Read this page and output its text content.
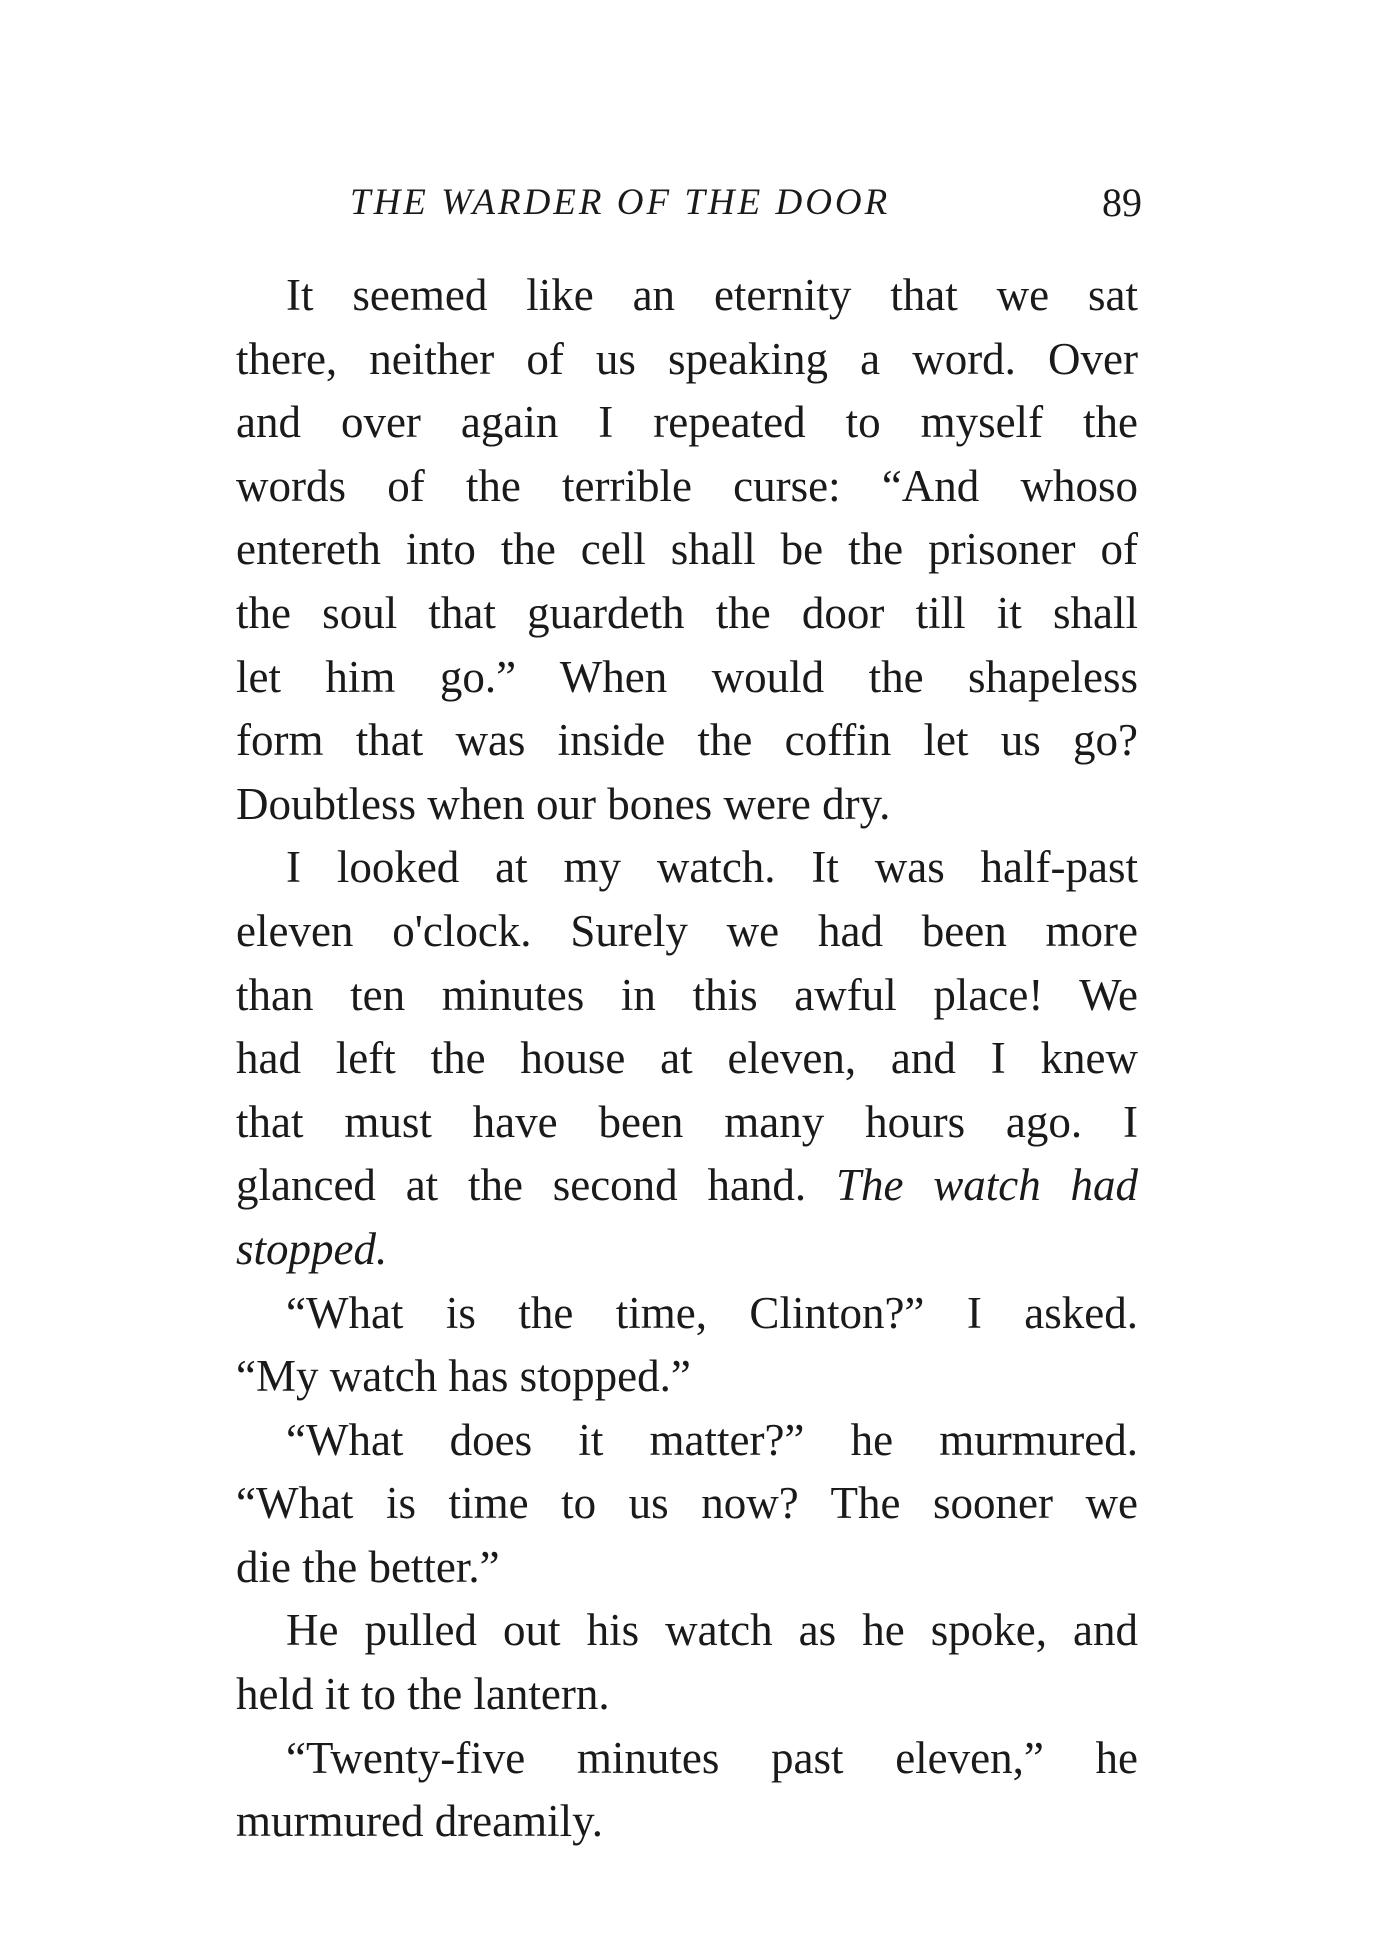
THE WARDER OF THE DOOR	89
It seemed like an eternity that we sat
there, neither of us speaking a word. Over
and over again I repeated to myself the
words of the terrible curse: “And whoso
entereth into the cell shall be the prisoner of
the soul that guardeth the door till it shall
let him go.” When would the shapeless
form that was inside the coffin let us go?
Doubtless when our bones were dry.
I looked at my watch. It was half-past
eleven o'clock. Surely we had been more
than ten minutes in this awful place! We
had left the house at eleven, and I knew
that must have been many hours ago. I
glanced at the second hand. The watch had
stopped.
“What is the time, Clinton?” I asked.
“My watch has stopped.”
“What does it matter?” he murmured.
“What is time to us now? The sooner we
die the better.”
He pulled out his watch as he spoke, and
held it to the lantern.
“Twenty-five minutes past eleven,” he
murmured dreamily.
